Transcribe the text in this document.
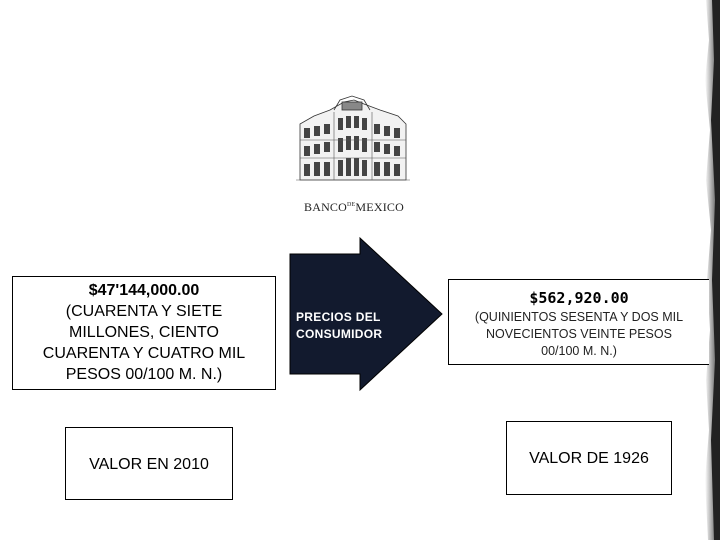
$BANCO^{DE}MEXICO$
$47'144,000.00
(CUARENTA Y SIETE
MILLONES, CIENTO
CUARENTA Y CUATRO MIL
PESOS 00/100 M. N.)
PRECIOS DEL
CONSUMIDOR
$562,920.00
(QUINIENTOS SESENTA Y DOS MIL
NOVECIENTOS VEINTE PESOS
00/100 M. N.)
VALOR EN 2010	VALOR DE 1926
